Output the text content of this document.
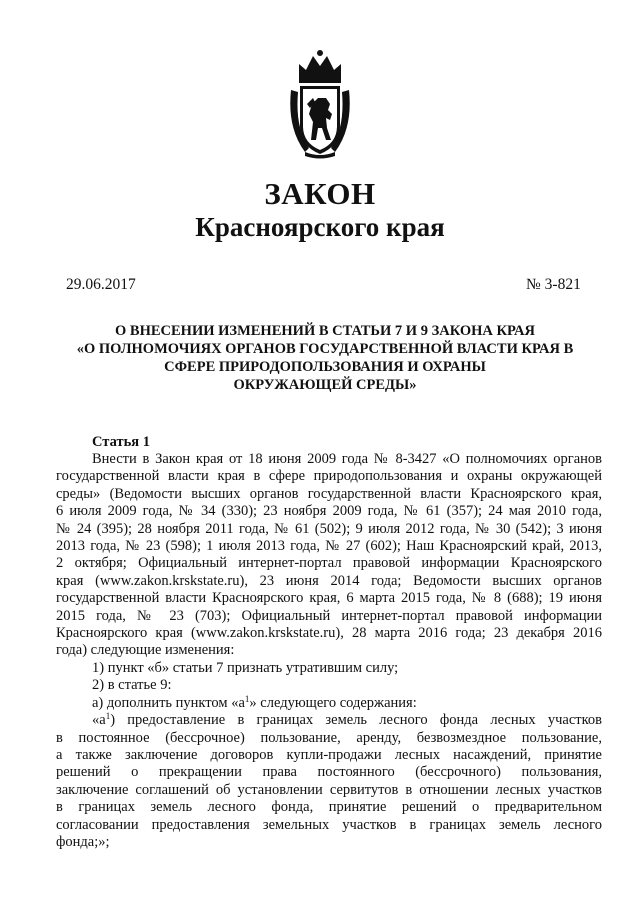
ЗАКОН
Красноярского края
29.06.2017	№ 3-821
О ВНЕСЕНИИ ИЗМЕНЕНИЙ В СТАТЬИ 7 И 9 ЗАКОНА КРАЯ
«О ПОЛНОМОЧИЯХ ОРГАНОВ ГОСУДАРСТВЕННОЙ ВЛАСТИ КРАЯ В
СФЕРЕ ПРИРОДОПОЛЬЗОВАНИЯ И ОХРАНЫ
ОКРУЖАЮЩЕЙ СРЕДЫ»
Статья 1

Внести в Закон края от 18 июня 2009 года № 8-3427 «О полномочиях органов

государственной власти края в сфере природопользования и охраны окружающей

среды» (Ведомости высших органов государственной власти Красноярского края,

6 июля 2009 года, № 34 (330); 23 ноября 2009 года, № 61 (357); 24 мая 2010 года,

№ 24 (395); 28 ноября 2011 года, № 61 (502); 9 июля 2012 года, № 30 (542); 3 июня

2013 года, № 23 (598); 1 июля 2013 года, № 27 (602); Наш Красноярский край, 2013,

2 октября; Официальный интернет-портал правовой информации Красноярского

края (www.zakon.krskstate.ru), 23 июня 2014 года; Ведомости высших органов

государственной власти Красноярского края, 6 марта 2015 года, № 8 (688); 19 июня

2015 года, № 23 (703); Официальный интернет-портал правовой информации

Красноярского края (www.zakon.krskstate.ru), 28 марта 2016 года; 23 декабря 2016

года) следующие изменения:

1) пункт «б» статьи 7 признать утратившим силу;

2) в статье 9:

а) дополнить пунктом «$а^1$» следующего содержания:

«$а^1$) предоставление в границах земель лесного фонда лесных участков

в постоянное (бессрочное) пользование, аренду, безвозмездное пользование,

а также заключение договоров купли-продажи лесных насаждений, принятие

решений о прекращении права постоянного (бессрочного) пользования,

заключение соглашений об установлении сервитутов в отношении лесных участков

в границах земель лесного фонда, принятие решений о предварительном

согласовании предоставления земельных участков в границах земель лесного

фонда;»;
